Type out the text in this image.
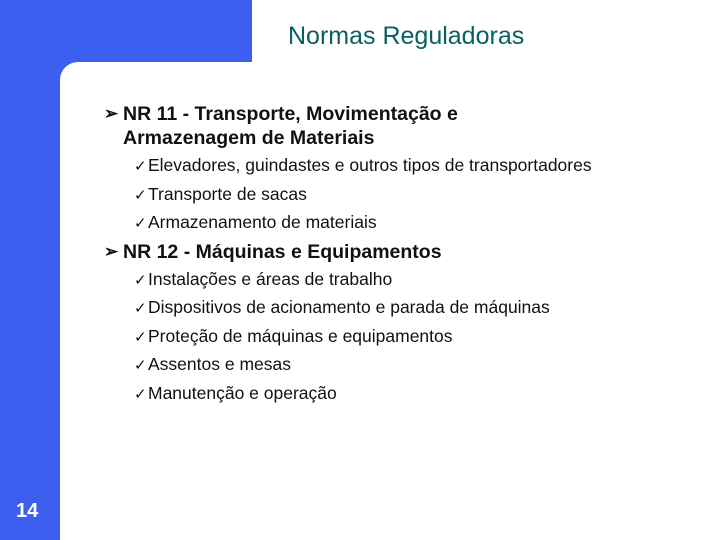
Normas Reguladoras
14
➢ NR 11 - Transporte, Movimentação e
Armazenagem de Materiais
✓ Elevadores, guindastes e outros tipos de transportadores
✓ Transporte de sacas
✓ Armazenamento de materiais
➢ NR 12 - Máquinas e Equipamentos
✓ Instalações e áreas de trabalho
✓ Dispositivos de acionamento e parada de máquinas
✓ Proteção de máquinas e equipamentos
✓ Assentos e mesas
✓ Manutenção e operação
